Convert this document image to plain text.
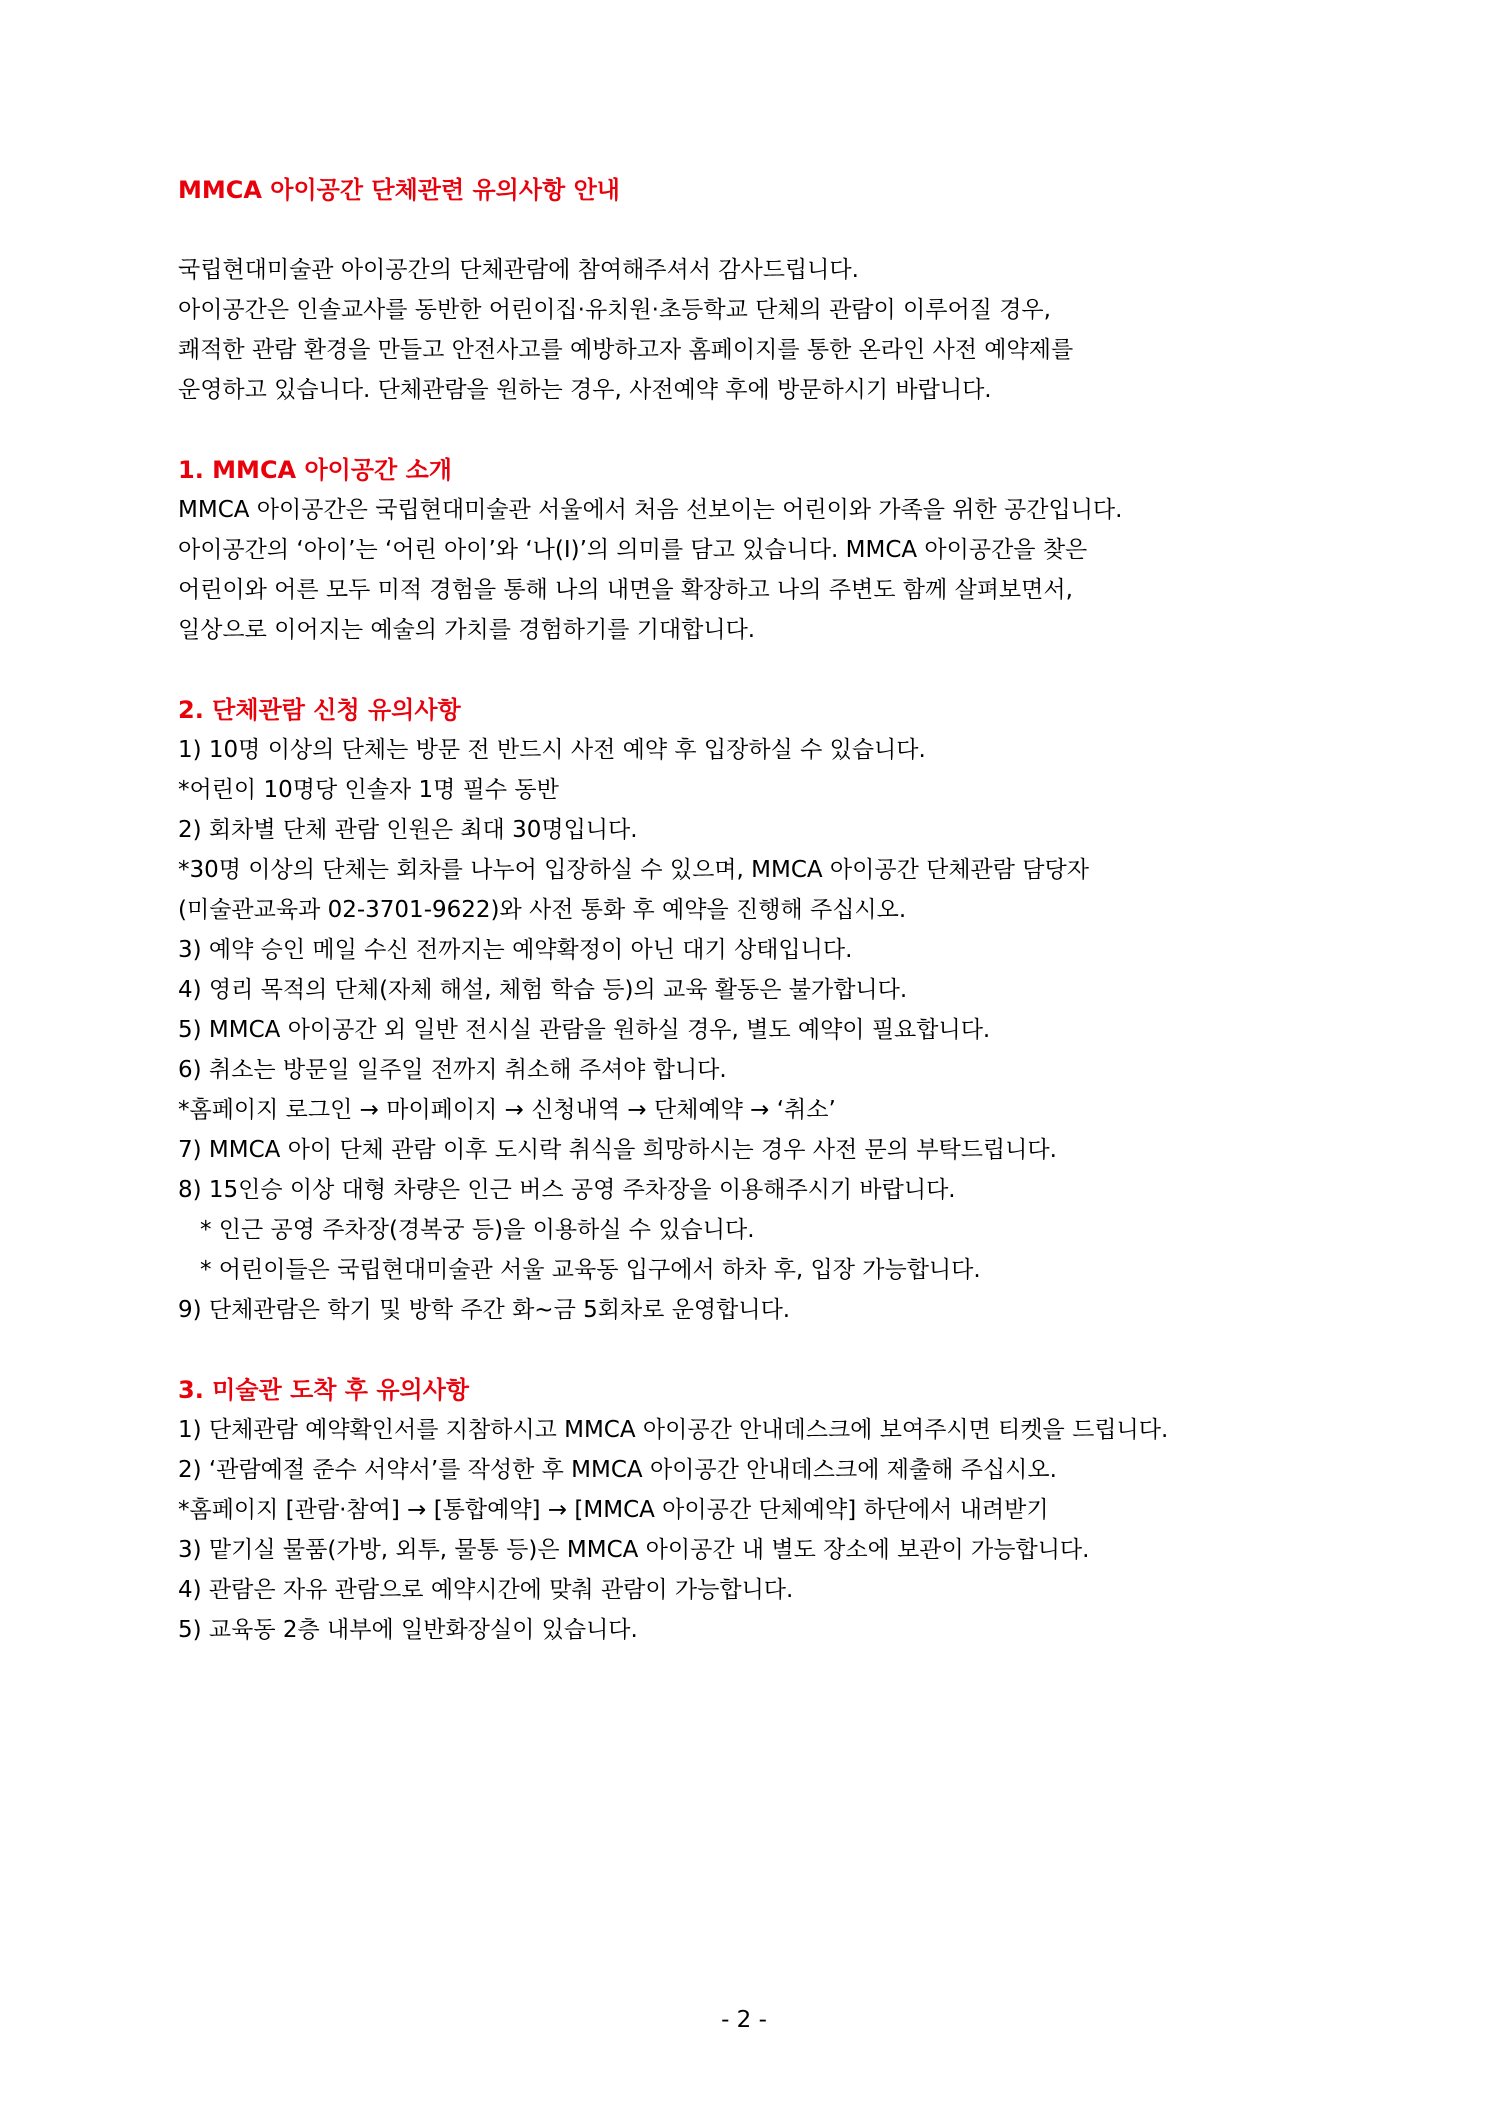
MMCA 아이공간 단체관련 유의사항 안내

국립현대미술관 아이공간의 단체관람에 참여해주셔서 감사드립니다.

아이공간은 인솔교사를 동반한 어린이집·유치원·초등학교 단체의 관람이 이루어질 경우,

쾌적한 관람 환경을 만들고 안전사고를 예방하고자 홈페이지를 통한 온라인 사전 예약제를

운영하고 있습니다. 단체관람을 원하는 경우, 사전예약 후에 방문하시기 바랍니다.

1. MMCA 아이공간 소개

MMCA 아이공간은 국립현대미술관 서울에서 처음 선보이는 어린이와 가족을 위한 공간입니다.

아이공간의 ‘아이’는 ‘어린 아이’와 ‘나(I)’의 의미를 담고 있습니다. MMCA 아이공간을 찾은

어린이와 어른 모두 미적 경험을 통해 나의 내면을 확장하고 나의 주변도 함께 살펴보면서,

일상으로 이어지는 예술의 가치를 경험하기를 기대합니다.

2. 단체관람 신청 유의사항

1) 10명 이상의 단체는 방문 전 반드시 사전 예약 후 입장하실 수 있습니다.

*어린이 10명당 인솔자 1명 필수 동반

2) 회차별 단체 관람 인원은 최대 30명입니다.

*30명 이상의 단체는 회차를 나누어 입장하실 수 있으며, MMCA 아이공간 단체관람 담당자

(미술관교육과 02-3701-9622)와 사전 통화 후 예약을 진행해 주십시오.

3) 예약 승인 메일 수신 전까지는 예약확정이 아닌 대기 상태입니다.

4) 영리 목적의 단체(자체 해설, 체험 학습 등)의 교육 활동은 불가합니다.

5) MMCA 아이공간 외 일반 전시실 관람을 원하실 경우, 별도 예약이 필요합니다.

6) 취소는 방문일 일주일 전까지 취소해 주셔야 합니다.

*홈페이지 로그인 → 마이페이지 → 신청내역 → 단체예약 → ‘취소’

7) MMCA 아이 단체 관람 이후 도시락 취식을 희망하시는 경우 사전 문의 부탁드립니다.

8) 15인승 이상 대형 차량은 인근 버스 공영 주차장을 이용해주시기 바랍니다.

* 인근 공영 주차장(경복궁 등)을 이용하실 수 있습니다.

* 어린이들은 국립현대미술관 서울 교육동 입구에서 하차 후, 입장 가능합니다.

9) 단체관람은 학기 및 방학 주간 화~금 5회차로 운영합니다.

3. 미술관 도착 후 유의사항

1) 단체관람 예약확인서를 지참하시고 MMCA 아이공간 안내데스크에 보여주시면 티켓을 드립니다.

2) ‘관람예절 준수 서약서’를 작성한 후 MMCA 아이공간 안내데스크에 제출해 주십시오.

*홈페이지 [관람·참여] → [통합예약] → [MMCA 아이공간 단체예약] 하단에서 내려받기

3) 맡기실 물품(가방, 외투, 물통 등)은 MMCA 아이공간 내 별도 장소에 보관이 가능합니다.

4) 관람은 자유 관람으로 예약시간에 맞춰 관람이 가능합니다.

5) 교육동 2층 내부에 일반화장실이 있습니다.

- 2 -
